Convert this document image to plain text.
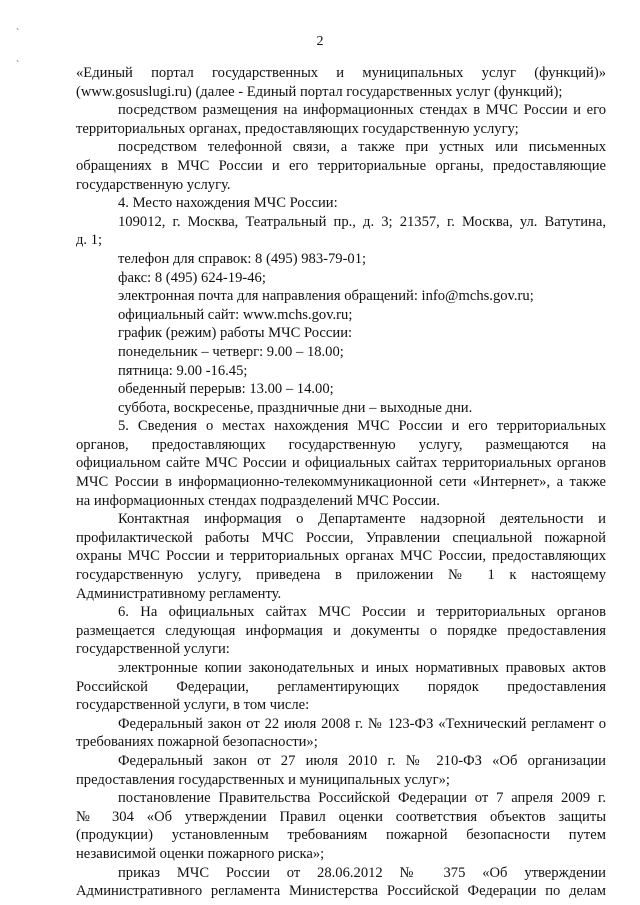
`
`
2

«Единый портал государственных и муниципальных услуг (функций)»

(www.gosuslugi.ru) (далее - Единый портал государственных услуг (функций);

посредством размещения на информационных стендах в МЧС России и его

территориальных органах, предоставляющих государственную услугу;

посредством телефонной связи, а также при устных или письменных

обращениях в МЧС России и его территориальные органы, предоставляющие

государственную услугу.

4. Место нахождения МЧС России:

109012, г. Москва, Театральный пр., д. 3; 21357, г. Москва, ул. Ватутина,

д. 1;

телефон для справок: 8 (495) 983-79-01;

факс: 8 (495) 624-19-46;

электронная почта для направления обращений: info@mchs.gov.ru;

официальный сайт: www.mchs.gov.ru;

график (режим) работы МЧС России:

понедельник – четверг: 9.00 – 18.00;

пятница: 9.00 -16.45;

обеденный перерыв: 13.00 – 14.00;

суббота, воскресенье, праздничные дни – выходные дни.

5. Сведения о местах нахождения МЧС России и его территориальных

органов, предоставляющих государственную услугу, размещаются на

официальном сайте МЧС России и официальных сайтах территориальных органов

МЧС России в информационно-телекоммуникационной сети «Интернет», а также

на информационных стендах подразделений МЧС России.

Контактная информация о Департаменте надзорной деятельности и

профилактической работы МЧС России, Управлении специальной пожарной

охраны МЧС России и территориальных органах МЧС России, предоставляющих

государственную услугу, приведена в приложении № 1 к настоящему

Административному регламенту.

6. На официальных сайтах МЧС России и территориальных органов

размещается следующая информация и документы о порядке предоставления

государственной услуги:

электронные копии законодательных и иных нормативных правовых актов

Российской Федерации, регламентирующих порядок предоставления

государственной услуги, в том числе:

Федеральный закон от 22 июля 2008 г. № 123-ФЗ «Технический регламент о

требованиях пожарной безопасности»;

Федеральный закон от 27 июля 2010 г. № 210-ФЗ «Об организации

предоставления государственных и муниципальных услуг»;

постановление Правительства Российской Федерации от 7 апреля 2009 г.

№ 304 «Об утверждении Правил оценки соответствия объектов защиты

(продукции) установленным требованиям пожарной безопасности путем

независимой оценки пожарного риска»;

приказ МЧС России от 28.06.2012 № 375 «Об утверждении

Административного регламента Министерства Российской Федерации по делам
